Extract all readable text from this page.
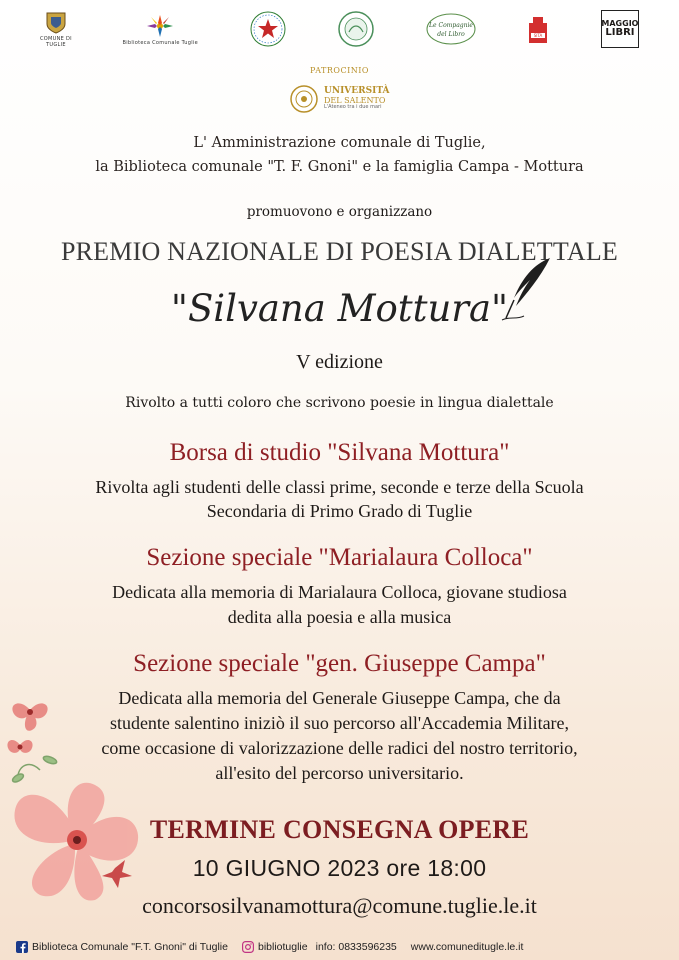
COMUNE DI
TUGLIE	Biblioteca Comunale Tuglie
Le Compagnie
del Libro	SITA
MAGGIO
LIBRI
PATROCINIO
UNIVERSITÀ
DEL SALENTO
L'Ateneo tra i due mari
L' Amministrazione comunale di Tuglie,
la Biblioteca comunale "T. F. Gnoni" e la famiglia Campa - Mottura
promuovono e organizzano
PREMIO NAZIONALE DI POESIA DIALETTALE
"Silvana Mottura"
V edizione
Rivolto a tutti coloro che scrivono poesie in lingua dialettale
Borsa di studio "Silvana Mottura"
Rivolta agli studenti delle classi prime, seconde e terze della Scuola
Secondaria di Primo Grado di Tuglie
Sezione speciale "Marialaura Colloca"
Dedicata alla memoria di Marialaura Colloca, giovane studiosa
dedita alla poesia e alla musica
Sezione speciale "gen. Giuseppe Campa"
Dedicata alla memoria del Generale Giuseppe Campa, che da
studente salentino iniziò il suo percorso all'Accademia Militare,
come occasione di valorizzazione delle radici del nostro territorio,
all'esito del percorso universitario.
TERMINE CONSEGNA OPERE
10 GIUGNO 2023 ore 18:00
concorsosilvanamottura@comune.tuglie.le.it
Biblioteca Comunale "F.T. Gnoni" di Tuglie	bibliotuglie info: 0833596235 www.comuneditugle.le.it
